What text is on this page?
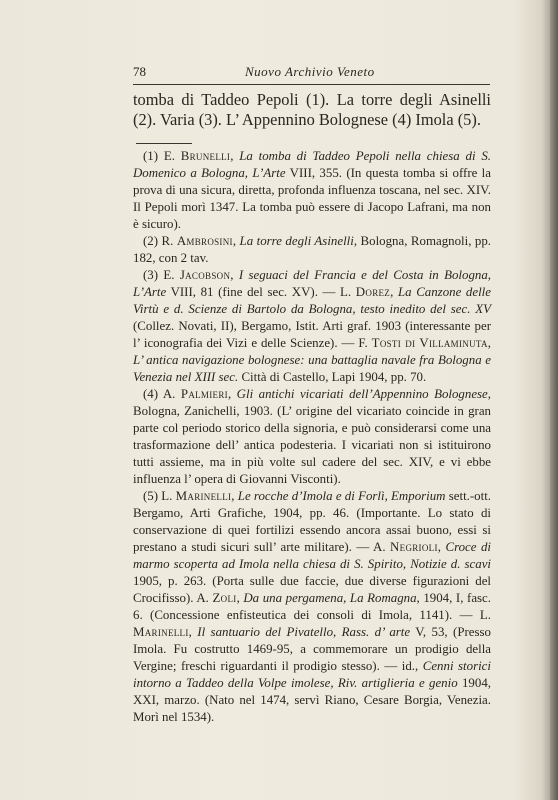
78	Nuovo Archivio Veneto

tomba di Taddeo Pepoli (1). La torre degli Asinelli (2). Varia (3). L’ Appennino Bolognese (4) Imola (5).

(1) E. Brunelli, La tomba di Taddeo Pepoli nella chiesa di S. Domenico a Bologna, L’Arte VIII, 355. (In questa tomba si offre la prova di una sicura, diretta, profonda influenza toscana, nel sec. XIV. Il Pepoli morì 1347. La tomba può essere di Jacopo Lafrani, ma non è sicuro).

(2) R. Ambrosini, La torre degli Asinelli, Bologna, Romagnoli, pp. 182, con 2 tav.

(3) E. Jacobson, I seguaci del Francia e del Costa in Bologna, L’Arte VIII, 81 (fine del sec. XV). — L. Dorez, La Canzone delle Virtù e d. Scienze di Bartolo da Bologna, testo inedito del sec. XV (Collez. Novati, II), Bergamo, Istit. Arti graf. 1903 (interessante per l’ iconografia dei Vizi e delle Scienze). — F. Tosti di Villaminuta, L’ antica navigazione bolognese: una battaglia navale fra Bologna e Venezia nel XIII sec. Città di Castello, Lapi 1904, pp. 70.

(4) A. Palmieri, Gli antichi vicariati dell’Appennino Bolognese, Bologna, Zanichelli, 1903. (L’ origine del vicariato coincide in gran parte col periodo storico della signoria, e può considerarsi come una trasformazione dell’ antica podesteria. I vicariati non si istituirono tutti assieme, ma in più volte sul cadere del sec. XIV, e vi ebbe influenza l’ opera di Giovanni Visconti).

(5) L. Marinelli, Le rocche d’Imola e di Forlì, Emporium sett.-ott. Bergamo, Arti Grafiche, 1904, pp. 46. (Importante. Lo stato di conservazione di quei fortilizi essendo ancora assai buono, essi si prestano a studi sicuri sull’ arte militare). — A. Negrioli, Croce di marmo scoperta ad Imola nella chiesa di S. Spirito, Notizie d. scavi 1905, p. 263. (Porta sulle due faccie, due diverse figurazioni del Crocifisso). A. Zoli, Da una pergamena, La Romagna, 1904, I, fasc. 6. (Concessione enfisteutica dei consoli di Imola, 1141). — L. Marinelli, Il santuario del Pivatello, Rass. d’ arte V, 53, (Presso Imola. Fu costrutto 1469-95, a commemorare un prodigio della Vergine; freschi riguardanti il prodigio stesso). — id., Cenni storici intorno a Taddeo della Volpe imolese, Riv. artiglieria e genio 1904, XXI, marzo. (Nato nel 1474, servì Riano, Cesare Borgia, Venezia. Morì nel 1534).
